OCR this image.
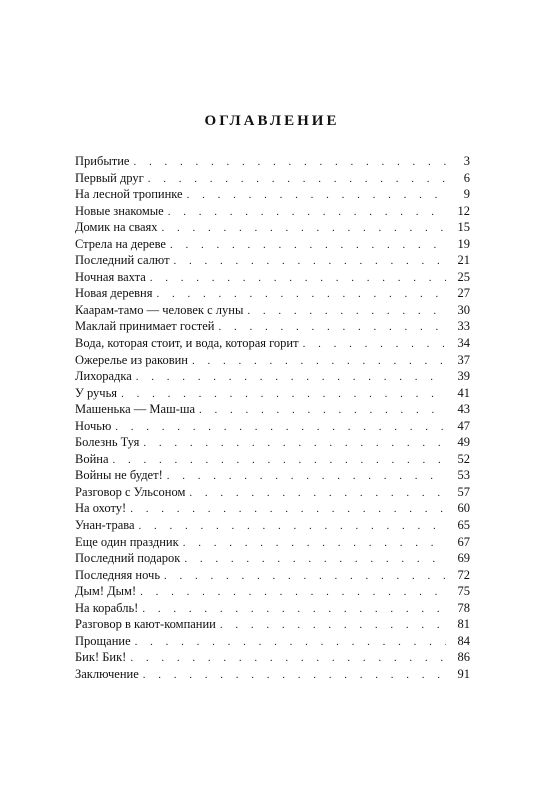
ОГЛАВЛЕНИЕ
Прибытие . . .	3
Первый друг . . .	6
На лесной тропинке . . .	9
Новые знакомые . . .	12
Домик на сваях . . .	15
Стрела на дереве . . .	19
Последний салют . . .	21
Ночная вахта . . .	25
Новая деревня . . .	27
Каарам-тамо — человек с луны . . .	30
Маклай принимает гостей . . .	33
Вода, которая стоит, и вода, которая горит . . .	34
Ожерелье из раковин . . .	37
Лихорадка . . .	39
У ручья . . .	41
Машенька — Маш-ша . . .	43
Ночью . . .	47
Болезнь Туя . . .	49
Война . . .	52
Войны не будет! . . .	53
Разговор с Ульсоном . . .	57
На охоту! . . .	60
Унан-трава . . .	65
Еще один праздник . . .	67
Последний подарок . . .	69
Последняя ночь . . .	72
Дым! Дым! . . .	75
На корабль! . . .	78
Разговор в кают-компании . . .	81
Прощание . . .	84
Бик! Бик! . . .	86
Заключение . . .	91
